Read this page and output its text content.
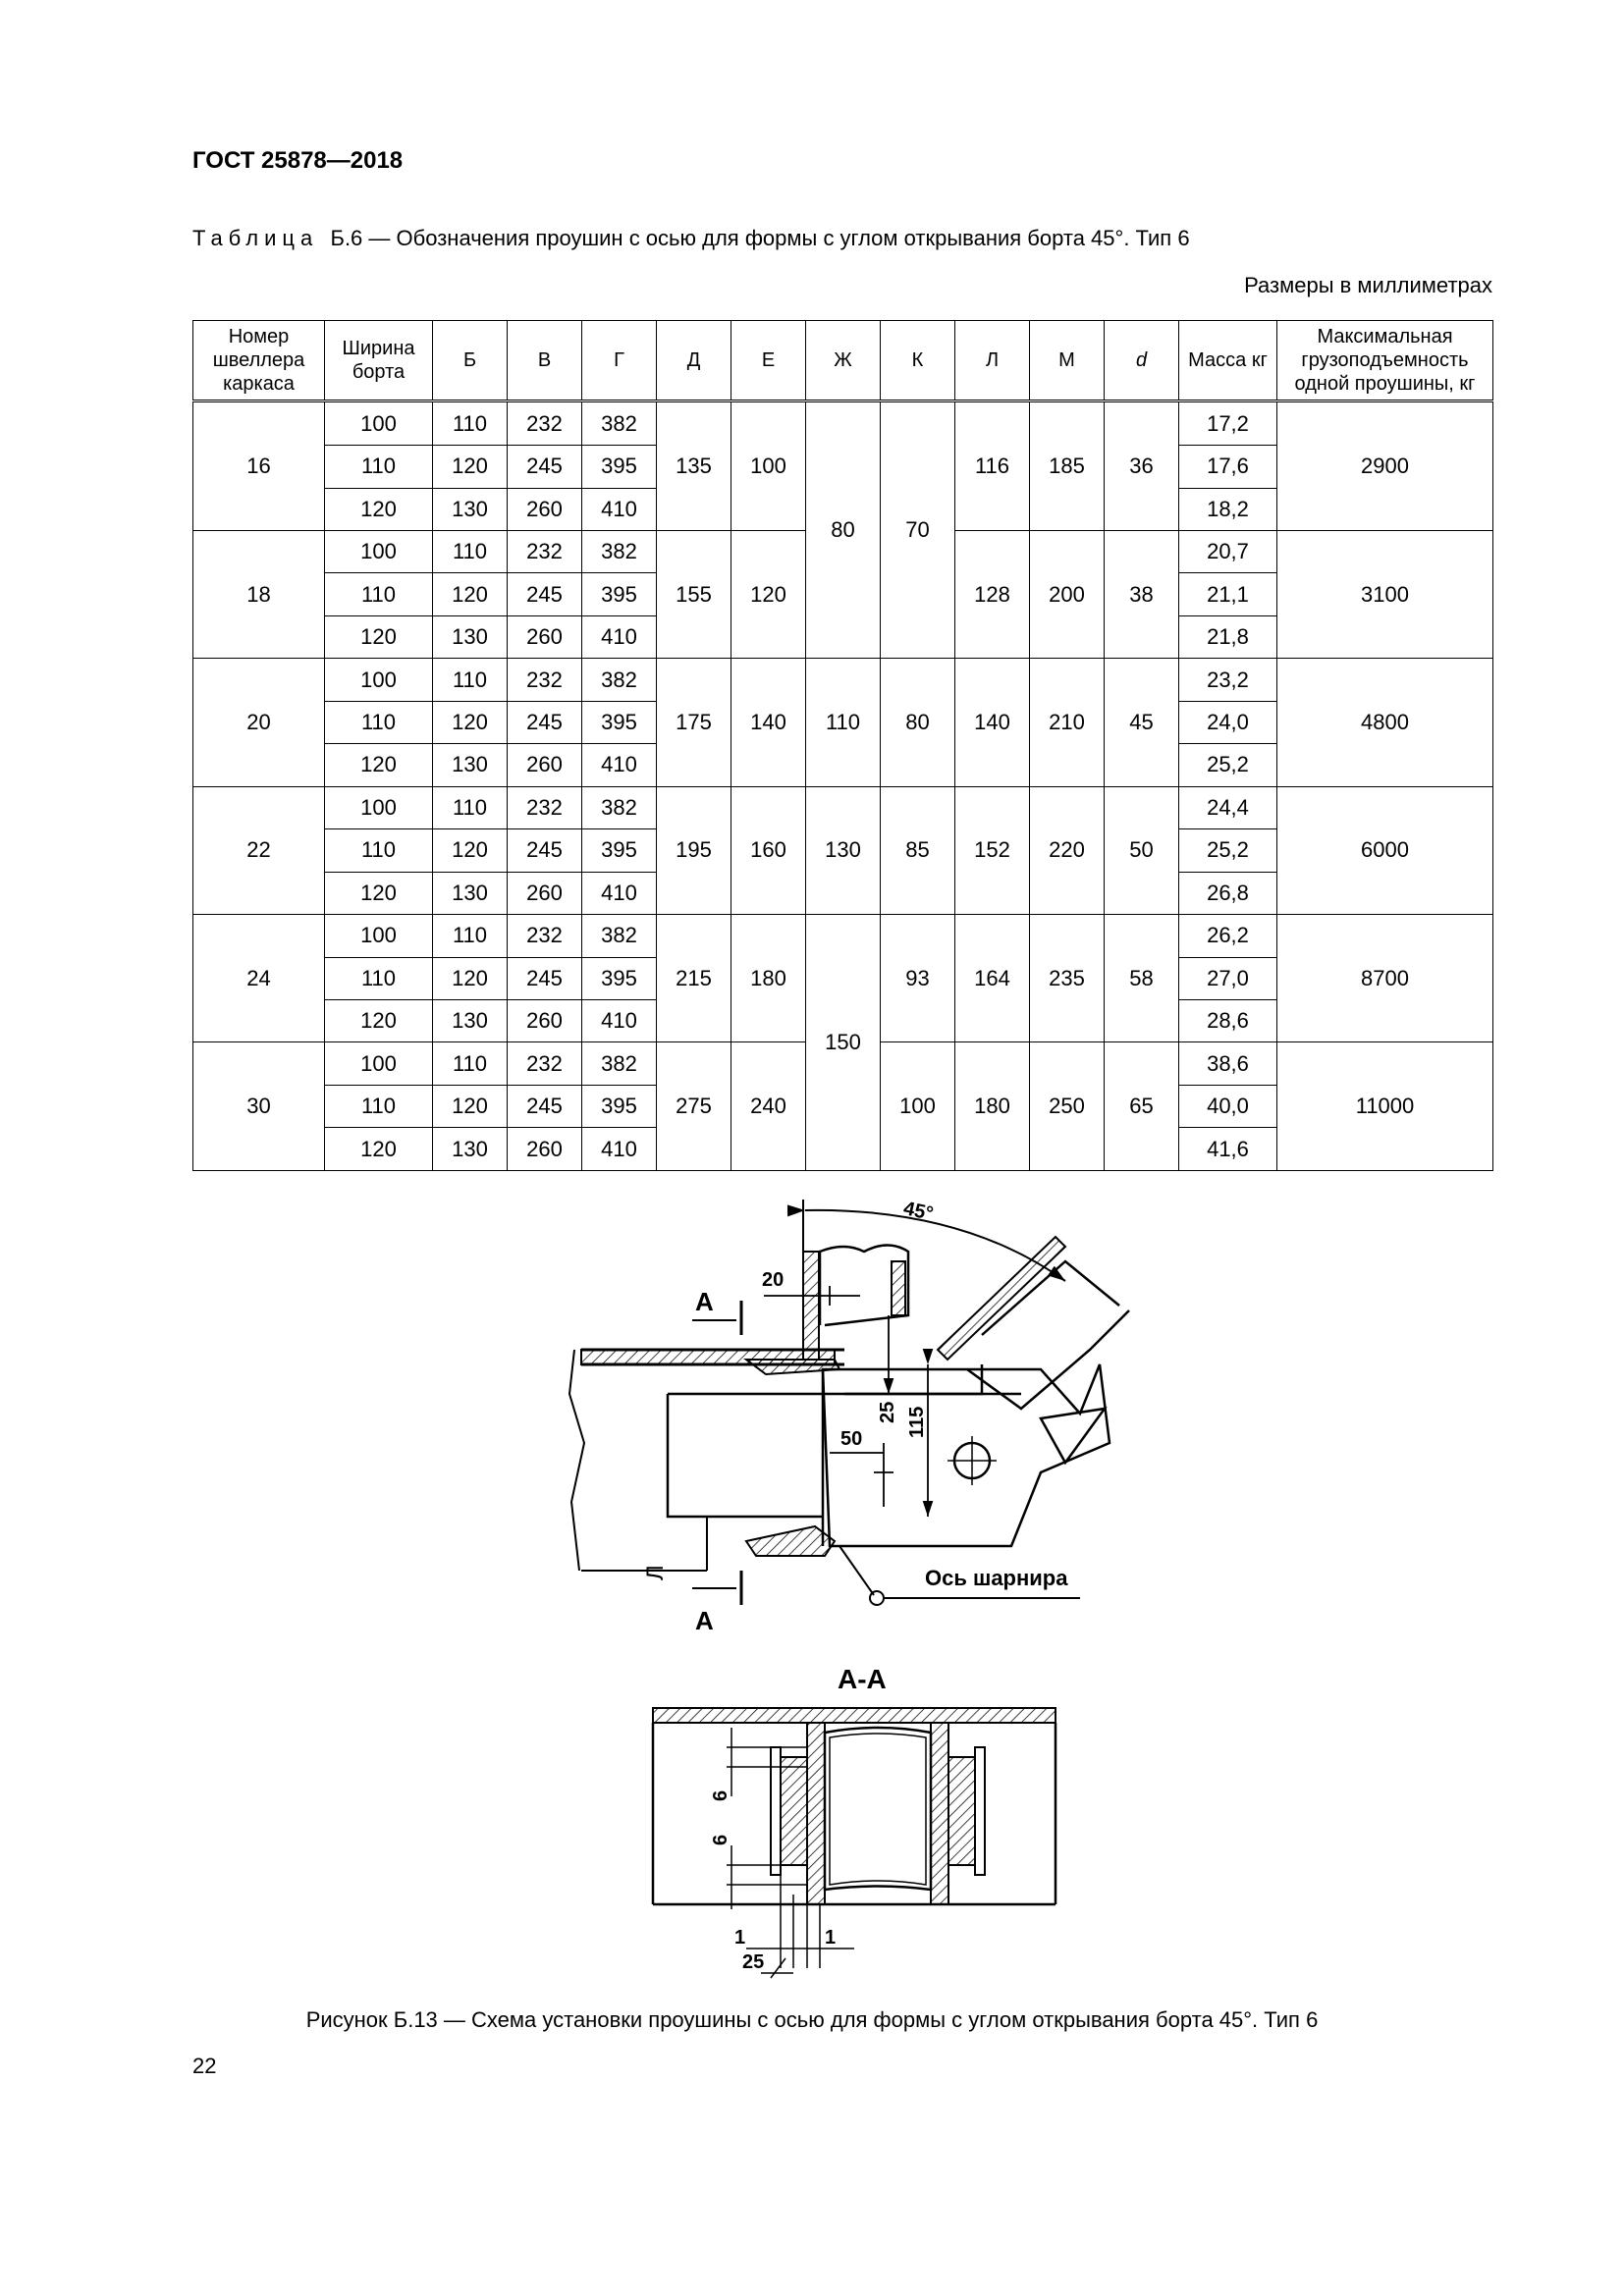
ГОСТ 25878—2018
Таблица Б.6 — Обозначения проушин с осью для формы с углом открывания борта 45°. Тип 6
Размеры в миллиметрах
Номер швеллера каркаса	Ширина борта	Б	В	Г	Д	Е	Ж	К	Л	М	d	Масса кг	Максимальная грузоподъемность одной проушины, кг
16	100	110	232	382	135	100	80	70	116	185	36	17,2	2900
	110	120	245	395								17,6	
	120	130	260	410								18,2	
18	100	110	232	382	155	120			128	200	38	20,7	3100
	110	120	245	395								21,1	
	120	130	260	410								21,8	
20	100	110	232	382	175	140	110	80	140	210	45	23,2	4800
	110	120	245	395								24,0	
	120	130	260	410								25,2	
22	100	110	232	382	195	160	130	85	152	220	50	24,4	6000
	110	120	245	395								25,2	
	120	130	260	410								26,8	
24	100	110	232	382	215	180	150	93	164	235	58	26,2	8700
	110	120	245	395								27,0	
	120	130	260	410								28,6	
30	100	110	232	382	275	240		100	180	250	65	38,6	11000
	110	120	245	395								40,0	
	120	130	260	410								41,6	
45°
20
25 115
50
А
А
Л	Ось шарнира
А-А
6
6
1	1
25
Рисунок Б.13 — Схема установки проушины с осью для формы с углом открывания борта 45°. Тип 6
22
